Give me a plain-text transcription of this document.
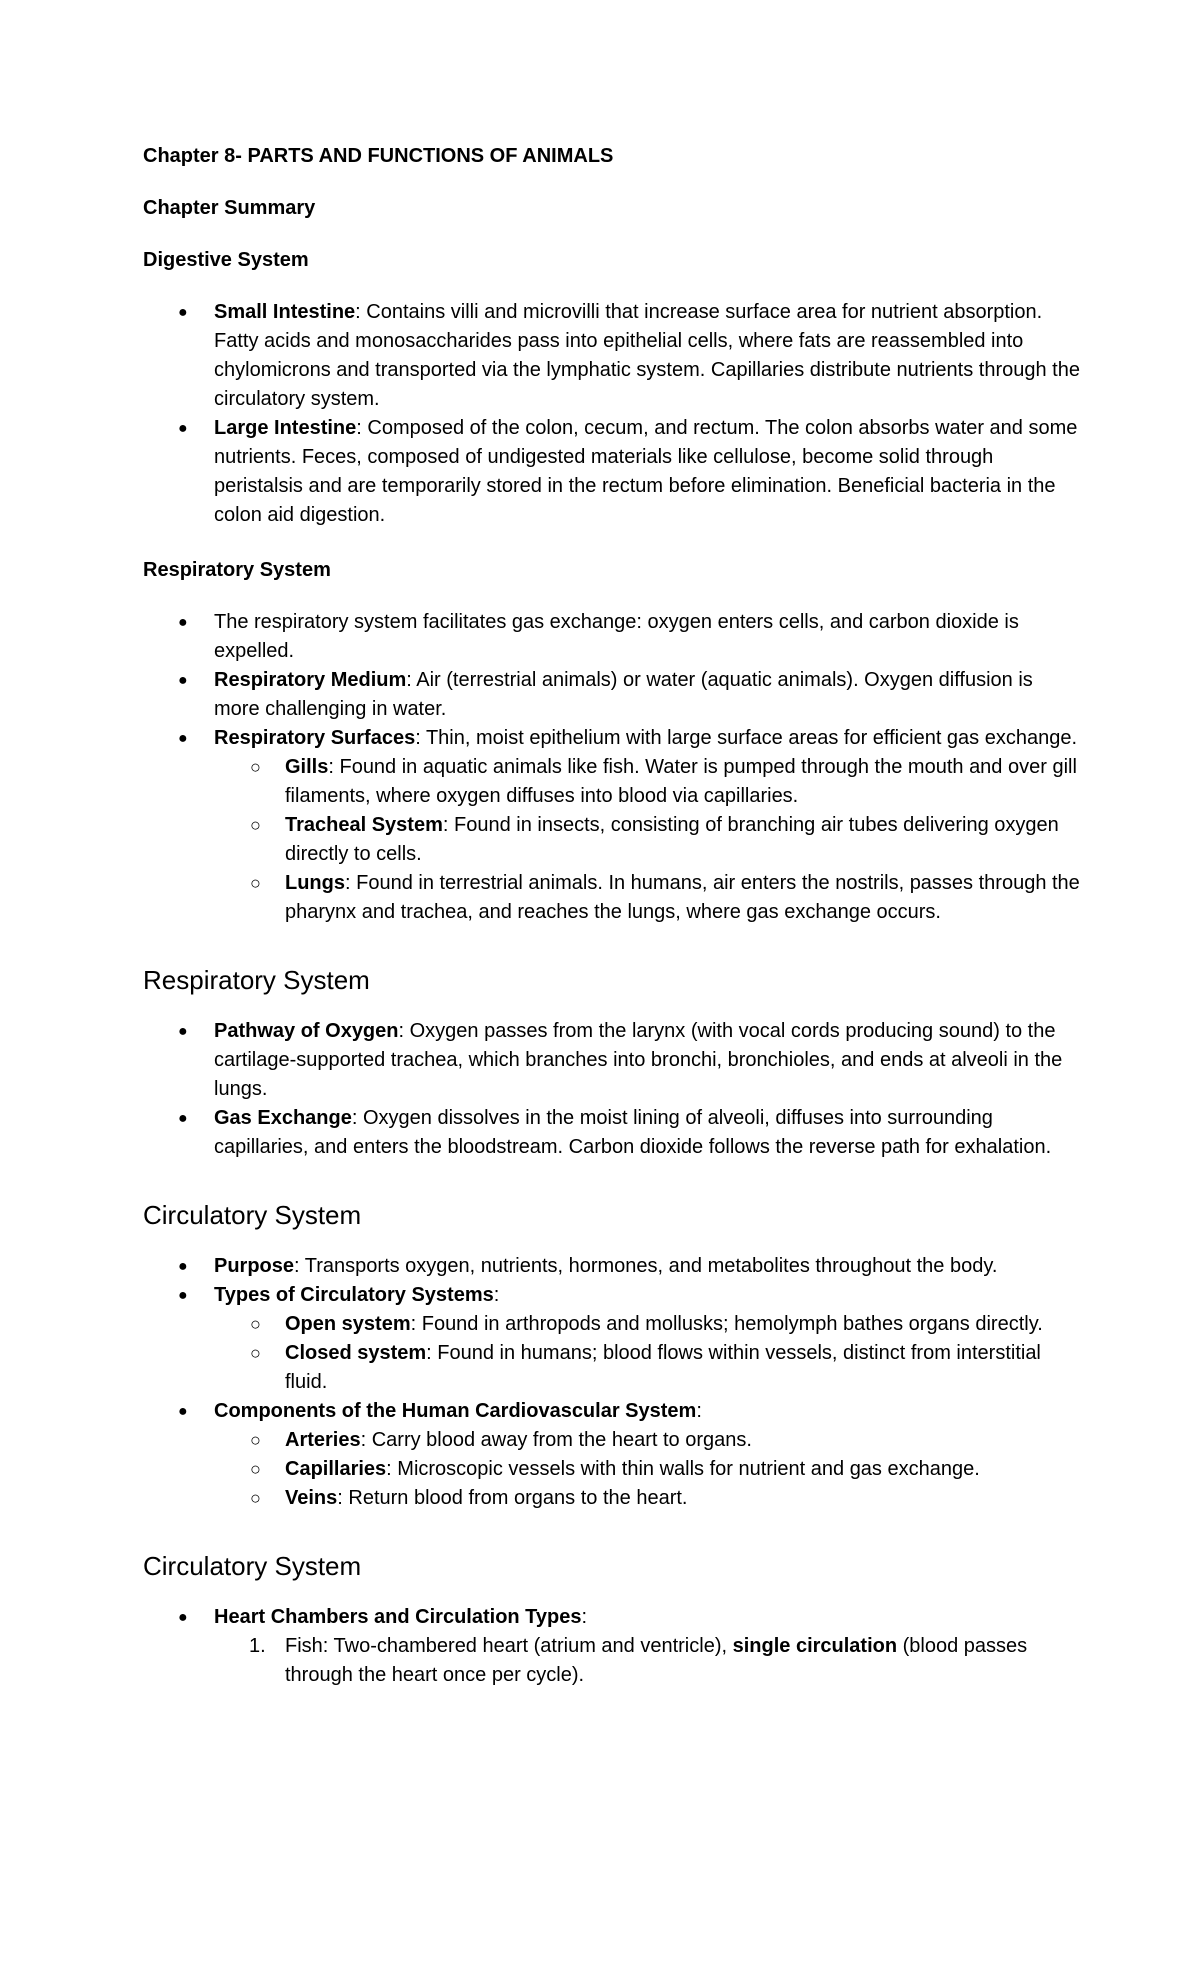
Chapter 8- PARTS AND FUNCTIONS OF ANIMALS
Chapter Summary
Digestive System
● Small Intestine: Contains villi and microvilli that increase surface area for nutrient absorption. Fatty acids and monosaccharides pass into epithelial cells, where fats are reassembled into chylomicrons and transported via the lymphatic system. Capillaries distribute nutrients through the circulatory system.
● Large Intestine: Composed of the colon, cecum, and rectum. The colon absorbs water and some nutrients. Feces, composed of undigested materials like cellulose, become solid through peristalsis and are temporarily stored in the rectum before elimination. Beneficial bacteria in the colon aid digestion.
Respiratory System
● The respiratory system facilitates gas exchange: oxygen enters cells, and carbon dioxide is expelled.
● Respiratory Medium: Air (terrestrial animals) or water (aquatic animals). Oxygen diffusion is more challenging in water.
● Respiratory Surfaces: Thin, moist epithelium with large surface areas for efficient gas exchange.
○ Gills: Found in aquatic animals like fish. Water is pumped through the mouth and over gill filaments, where oxygen diffuses into blood via capillaries.
○ Tracheal System: Found in insects, consisting of branching air tubes delivering oxygen directly to cells.
○ Lungs: Found in terrestrial animals. In humans, air enters the nostrils, passes through the pharynx and trachea, and reaches the lungs, where gas exchange occurs.
Respiratory System
● Pathway of Oxygen: Oxygen passes from the larynx (with vocal cords producing sound) to the cartilage-supported trachea, which branches into bronchi, bronchioles, and ends at alveoli in the lungs.
● Gas Exchange: Oxygen dissolves in the moist lining of alveoli, diffuses into surrounding capillaries, and enters the bloodstream. Carbon dioxide follows the reverse path for exhalation.
Circulatory System
● Purpose: Transports oxygen, nutrients, hormones, and metabolites throughout the body.
● Types of Circulatory Systems:
○ Open system: Found in arthropods and mollusks; hemolymph bathes organs directly.
○ Closed system: Found in humans; blood flows within vessels, distinct from interstitial fluid.
● Components of the Human Cardiovascular System:
○ Arteries: Carry blood away from the heart to organs.
○ Capillaries: Microscopic vessels with thin walls for nutrient and gas exchange.
○ Veins: Return blood from organs to the heart.
Circulatory System
● Heart Chambers and Circulation Types:
1. Fish: Two-chambered heart (atrium and ventricle), single circulation (blood passes through the heart once per cycle).
